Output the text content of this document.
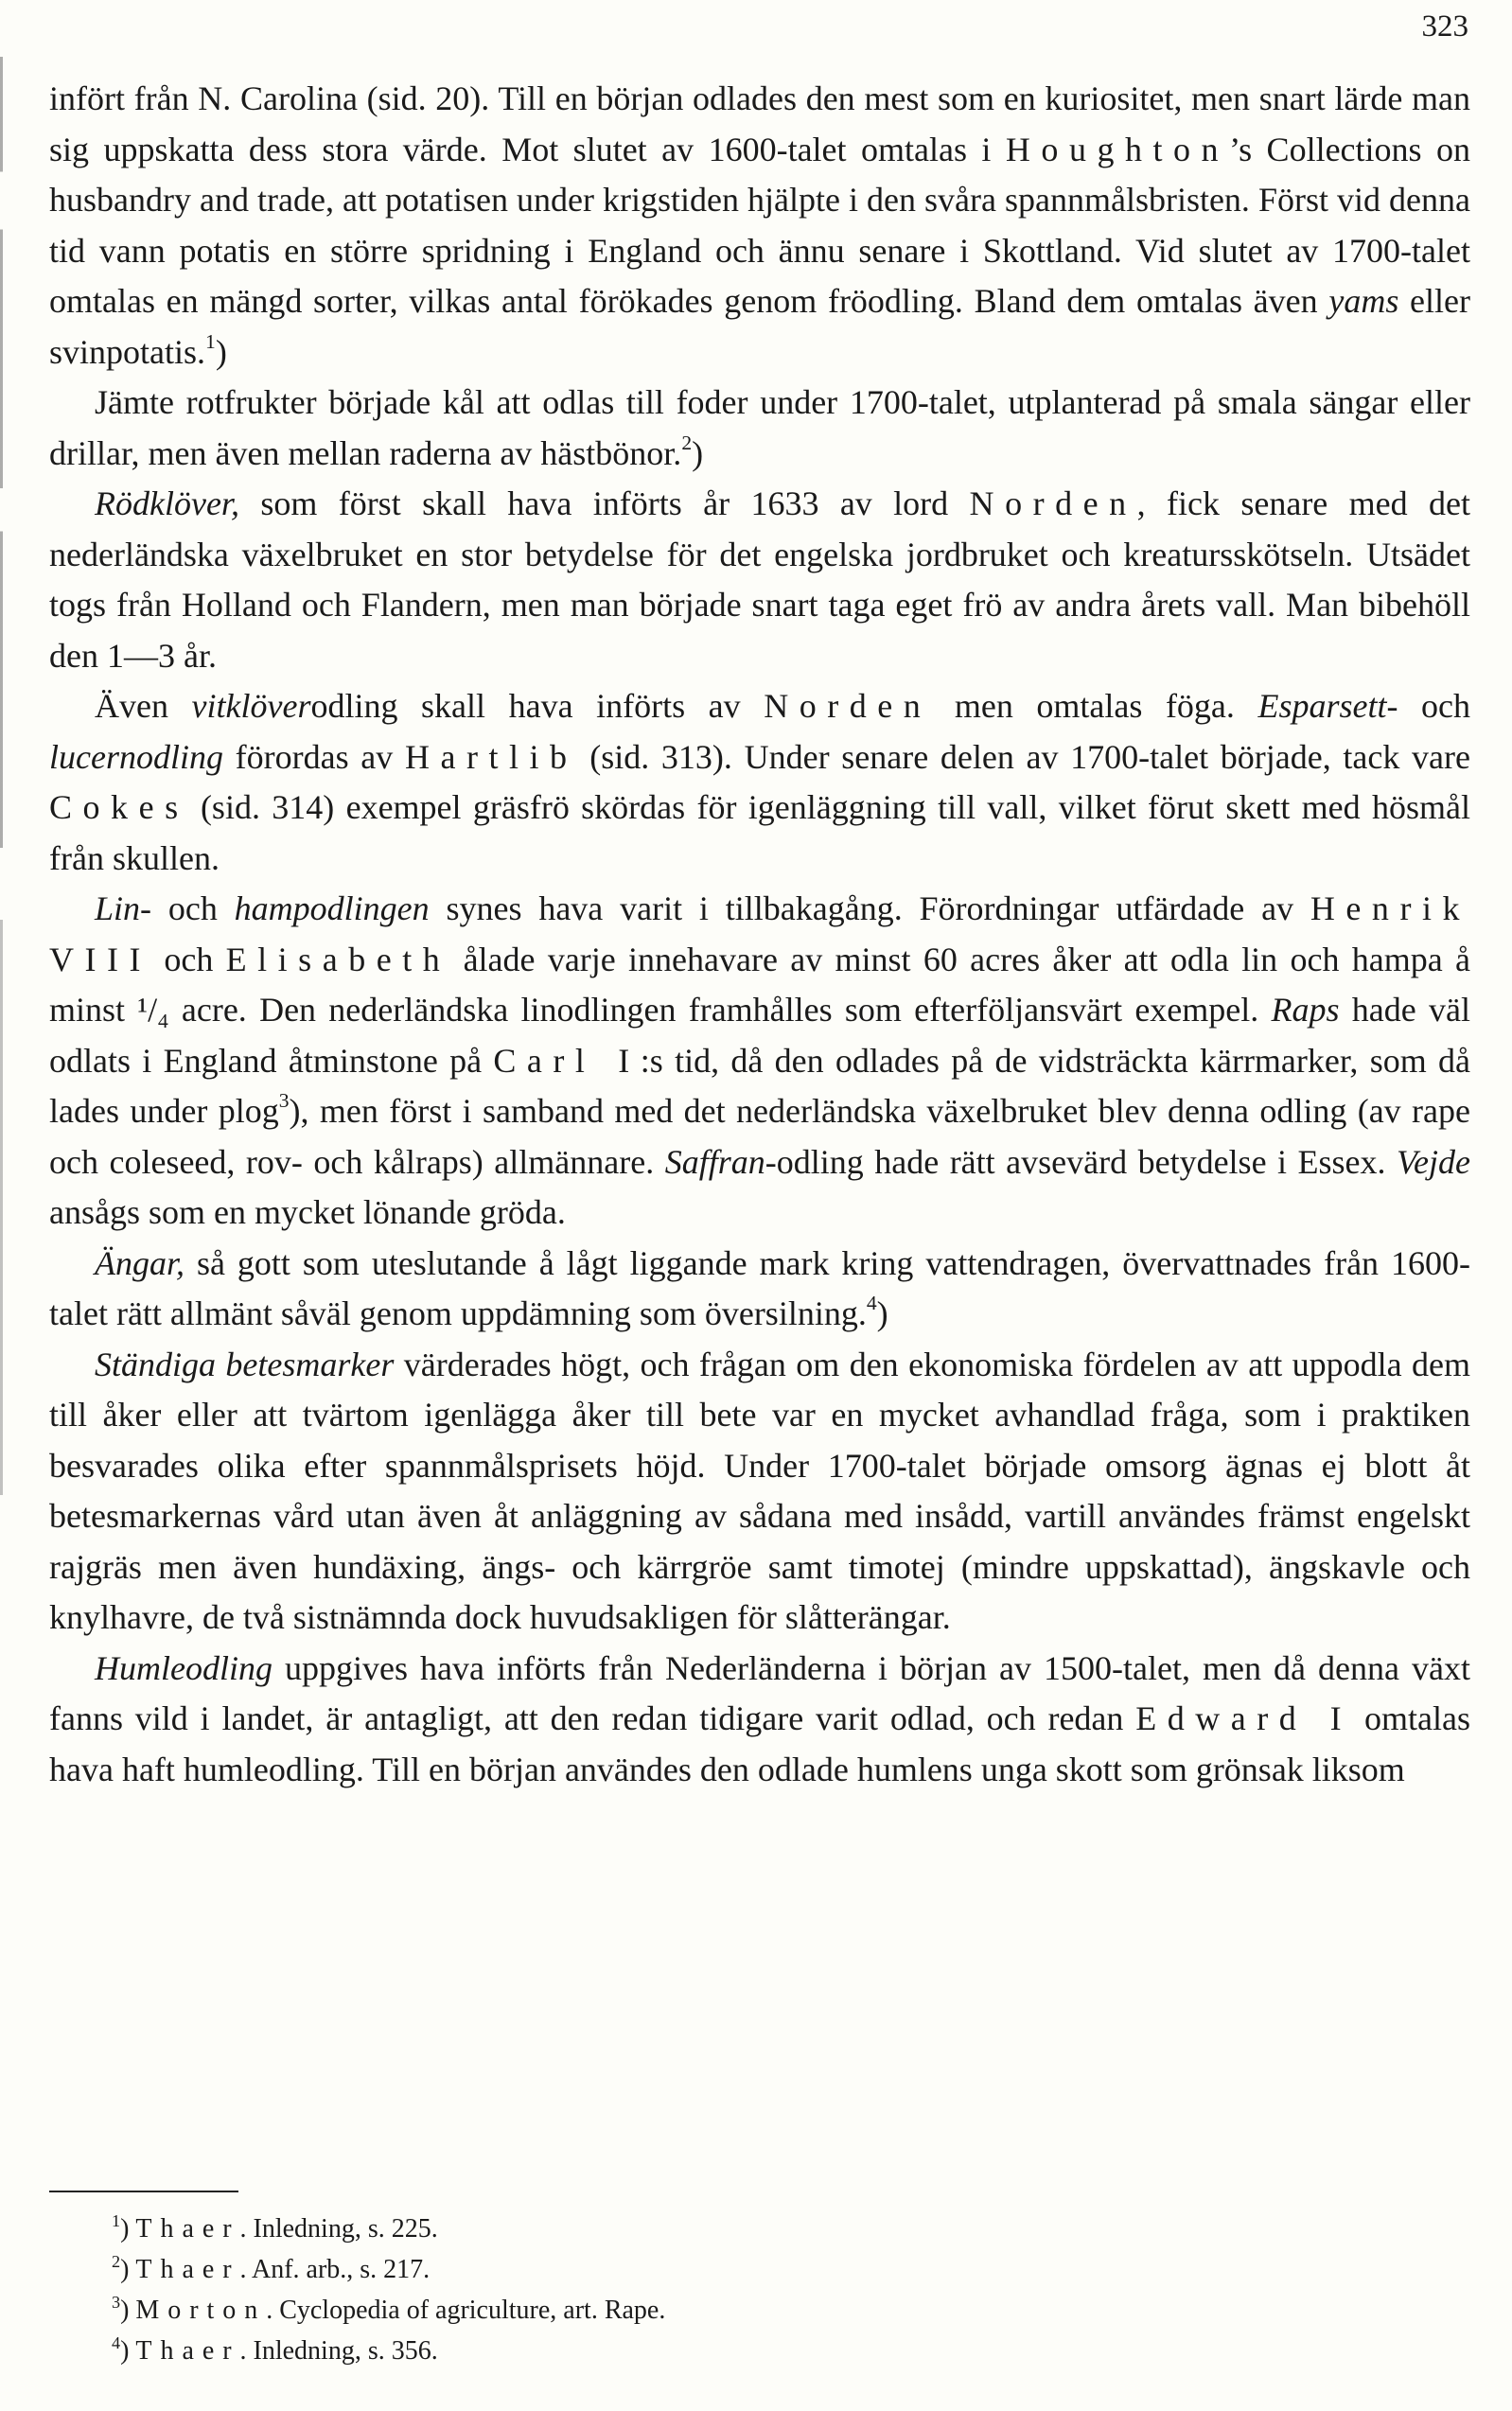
323

infört från N. Carolina (sid. 20). Till en början odlades den mest som en kuriositet, men snart lärde man sig uppskatta dess stora värde. Mot slutet av 1600-talet omtalas i Houghton’s Collections on husbandry and trade, att potatisen under krigstiden hjälpte i den svåra spannmålsbristen. Först vid denna tid vann potatis en större spridning i England och ännu senare i Skottland. Vid slutet av 1700-talet omtalas en mängd sorter, vilkas antal förökades genom fröodling. Bland dem omtalas även yams eller svinpotatis.$^1$)

Jämte rotfrukter började kål att odlas till foder under 1700-talet, utplanterad på smala sängar eller drillar, men även mellan raderna av hästbönor.$^2$)

Rödklöver, som först skall hava införts år 1633 av lord Norden, fick senare med det nederländska växelbruket en stor betydelse för det engelska jordbruket och kreatursskötseln. Utsädet togs från Holland och Flandern, men man började snart taga eget frö av andra årets vall. Man bibehöll den 1—3 år.

Även vitklöverodling skall hava införts av Norden men omtalas föga. Esparsett- och lucernodling förordas av Hartlib (sid. 313). Under senare delen av 1700-talet började, tack vare Cokes (sid. 314) exempel gräsfrö skördas för igenläggning till vall, vilket förut skett med hösmål från skullen.

Lin- och hampodlingen synes hava varit i tillbakagång. Förordningar utfärdade av Henrik VIII och Elisabeth ålade varje innehavare av minst 60 acres åker att odla lin och hampa å minst ¹/₄ acre. Den nederländska linodlingen framhålles som efterföljansvärt exempel. Raps hade väl odlats i England åtminstone på Carl I:s tid, då den odlades på de vidsträckta kärrmarker, som då lades under plog$^3$), men först i samband med det nederländska växelbruket blev denna odling (av rape och coleseed, rov- och kålraps) allmännare. Saffran-odling hade rätt avsevärd betydelse i Essex. Vejde ansågs som en mycket lönande gröda.

Ängar, så gott som uteslutande å lågt liggande mark kring vattendragen, övervattnades från 1600-talet rätt allmänt såväl genom uppdämning som översilning.$^4$)

Ständiga betesmarker värderades högt, och frågan om den ekonomiska fördelen av att uppodla dem till åker eller att tvärtom igenlägga åker till bete var en mycket avhandlad fråga, som i praktiken besvarades olika efter spannmålsprisets höjd. Under 1700-talet började omsorg ägnas ej blott åt betesmarkernas vård utan även åt anläggning av sådana med insådd, vartill användes främst engelskt rajgräs men även hundäxing, ängs- och kärrgröe samt timotej (mindre uppskattad), ängskavle och knylhavre, de två sistnämnda dock huvudsakligen för slåtterängar.

Humleodling uppgives hava införts från Nederländerna i början av 1500-talet, men då denna växt fanns vild i landet, är antagligt, att den redan tidigare varit odlad, och redan Edward I omtalas hava haft humleodling. Till en början användes den odlade humlens unga skott som grönsak liksom

$^1$) Thaer. Inledning, s. 225.

$^2$) Thaer. Anf. arb., s. 217.

$^3$) Morton. Cyclopedia of agriculture, art. Rape.

$^4$) Thaer. Inledning, s. 356.
